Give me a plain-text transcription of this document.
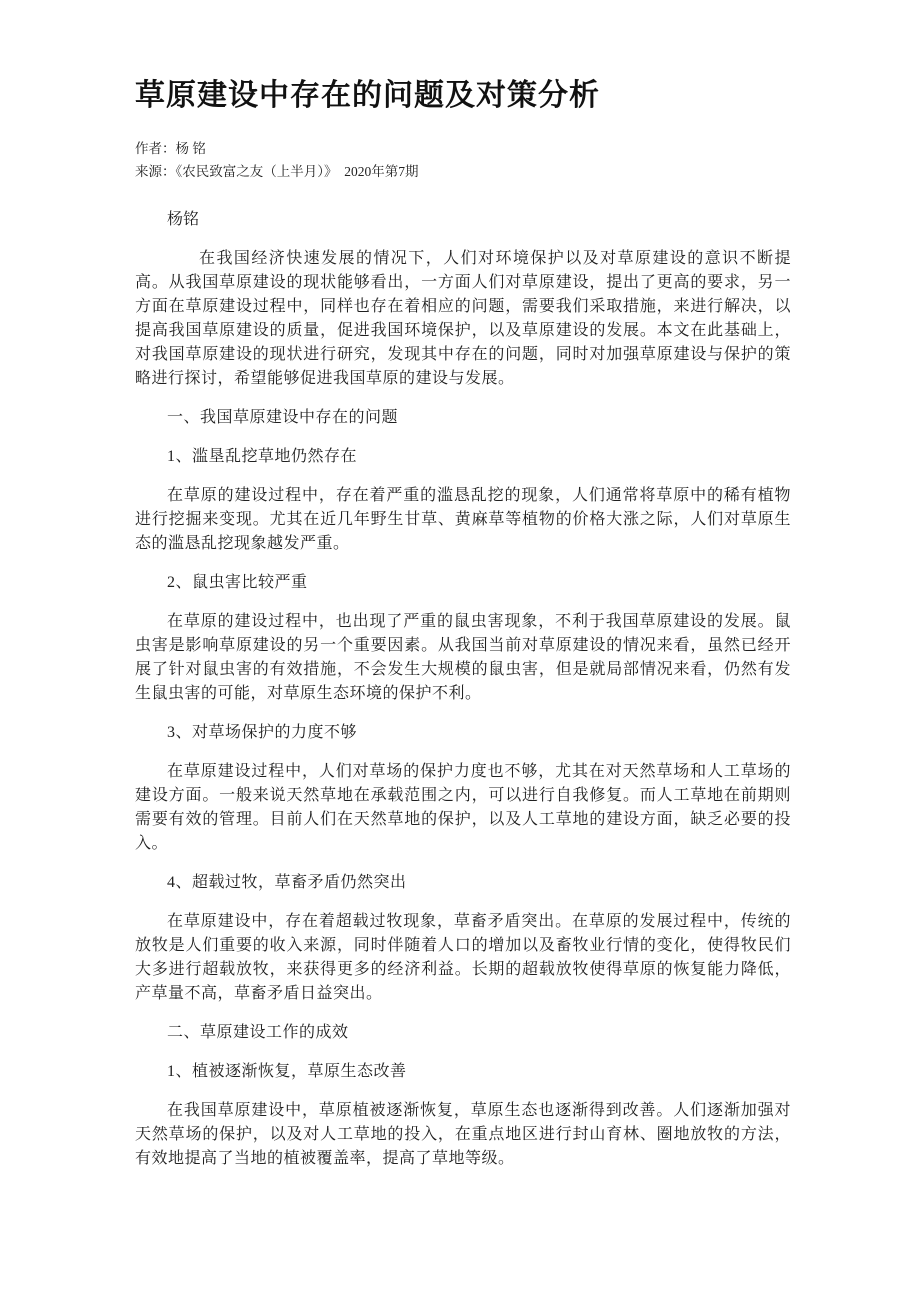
草原建设中存在的问题及对策分析
作者：杨 铭
来源：《农民致富之友（上半月）》　2020年第7期

杨铭

在我国经济快速发展的情况下，人们对环境保护以及对草原建设的意识不断提高。从我国草原建设的现状能够看出，一方面人们对草原建设，提出了更高的要求，另一方面在草原建设过程中，同样也存在着相应的问题，需要我们采取措施，来进行解决，以提高我国草原建设的质量，促进我国环境保护，以及草原建设的发展。本文在此基础上，对我国草原建设的现状进行研究，发现其中存在的问题，同时对加强草原建设与保护的策略进行探讨，希望能够促进我国草原的建设与发展。

一、我国草原建设中存在的问题

1、滥垦乱挖草地仍然存在

在草原的建设过程中，存在着严重的滥恳乱挖的现象，人们通常将草原中的稀有植物进行挖掘来变现。尤其在近几年野生甘草、黄麻草等植物的价格大涨之际，人们对草原生态的滥恳乱挖现象越发严重。

2、鼠虫害比较严重

在草原的建设过程中，也出现了严重的鼠虫害现象，不利于我国草原建设的发展。鼠虫害是影响草原建设的另一个重要因素。从我国当前对草原建设的情况来看，虽然已经开展了针对鼠虫害的有效措施，不会发生大规模的鼠虫害，但是就局部情况来看，仍然有发生鼠虫害的可能，对草原生态环境的保护不利。

3、对草场保护的力度不够

在草原建设过程中，人们对草场的保护力度也不够，尤其在对天然草场和人工草场的建设方面。一般来说天然草地在承载范围之内，可以进行自我修复。而人工草地在前期则需要有效的管理。目前人们在天然草地的保护，以及人工草地的建设方面，缺乏必要的投入。

4、超载过牧，草畜矛盾仍然突出

在草原建设中，存在着超载过牧现象，草畜矛盾突出。在草原的发展过程中，传统的放牧是人们重要的收入来源，同时伴随着人口的增加以及畜牧业行情的变化，使得牧民们大多进行超载放牧，来获得更多的经济利益。长期的超载放牧使得草原的恢复能力降低，产草量不高，草畜矛盾日益突出。

二、草原建设工作的成效

1、植被逐渐恢复，草原生态改善

在我国草原建设中，草原植被逐渐恢复，草原生态也逐渐得到改善。人们逐渐加强对天然草场的保护，以及对人工草地的投入，在重点地区进行封山育林、圈地放牧的方法，有效地提高了当地的植被覆盖率，提高了草地等级。
